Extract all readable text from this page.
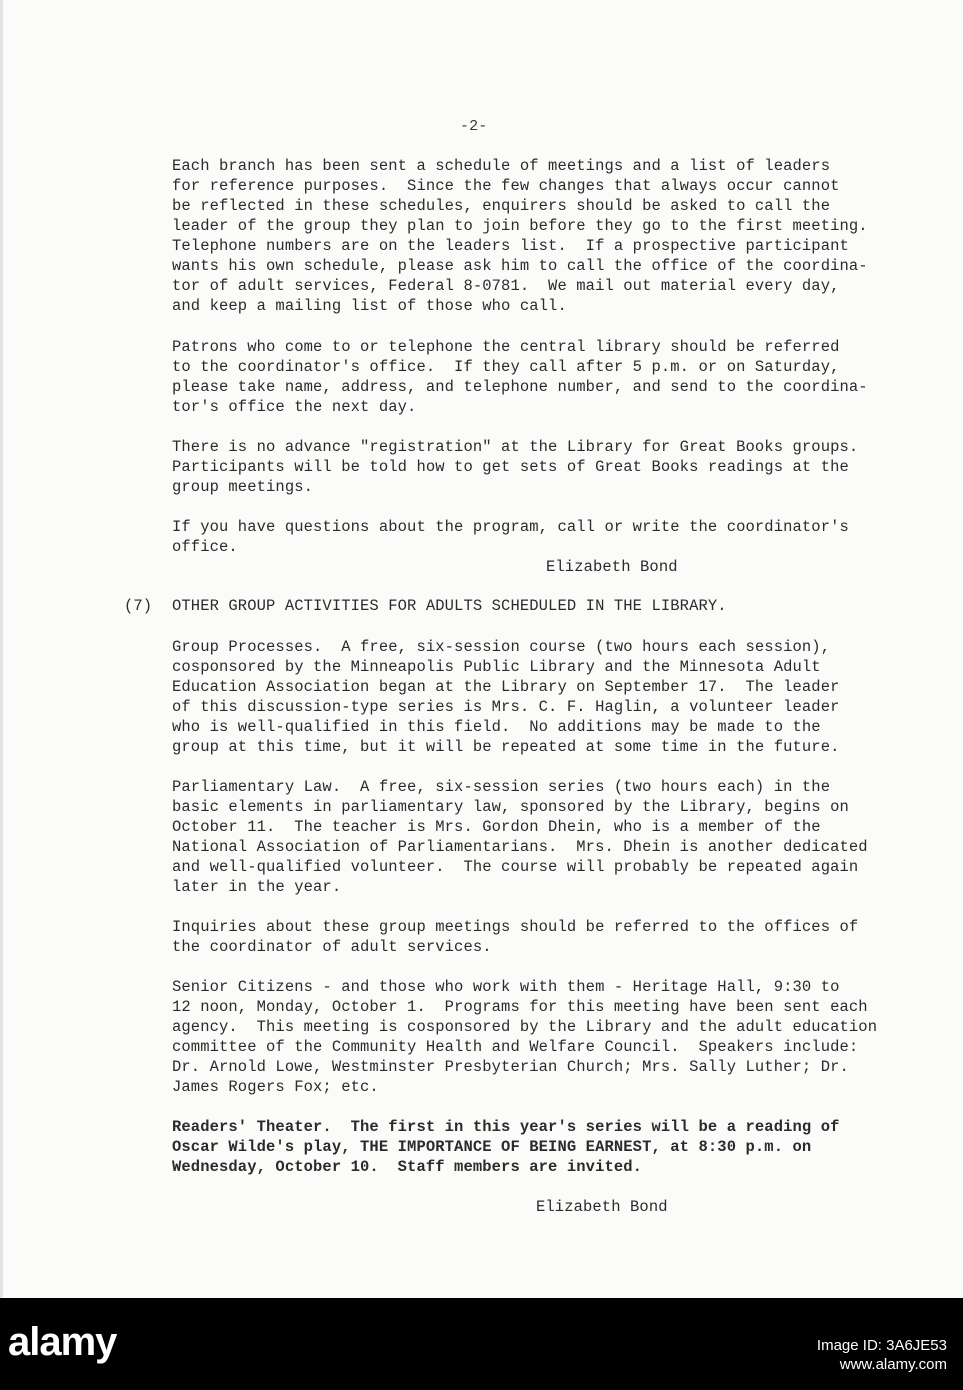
-2-
Each branch has been sent a schedule of meetings and a list of leaders
for reference purposes.  Since the few changes that always occur cannot
be reflected in these schedules, enquirers should be asked to call the
leader of the group they plan to join before they go to the first meeting.
Telephone numbers are on the leaders list.  If a prospective participant
wants his own schedule, please ask him to call the office of the coordina-
tor of adult services, Federal 8-0781.  We mail out material every day,
and keep a mailing list of those who call.
Patrons who come to or telephone the central library should be referred
to the coordinator's office.  If they call after 5 p.m. or on Saturday,
please take name, address, and telephone number, and send to the coordina-
tor's office the next day.
There is no advance "registration" at the Library for Great Books groups.
Participants will be told how to get sets of Great Books readings at the
group meetings.
If you have questions about the program, call or write the coordinator's
office.
Elizabeth Bond
(7) OTHER GROUP ACTIVITIES FOR ADULTS SCHEDULED IN THE LIBRARY.
Group Processes.  A free, six-session course (two hours each session),
cosponsored by the Minneapolis Public Library and the Minnesota Adult
Education Association began at the Library on September 17.  The leader
of this discussion-type series is Mrs. C. F. Haglin, a volunteer leader
who is well-qualified in this field.  No additions may be made to the
group at this time, but it will be repeated at some time in the future.
Parliamentary Law.  A free, six-session series (two hours each) in the
basic elements in parliamentary law, sponsored by the Library, begins on
October 11.  The teacher is Mrs. Gordon Dhein, who is a member of the
National Association of Parliamentarians.  Mrs. Dhein is another dedicated
and well-qualified volunteer.  The course will probably be repeated again
later in the year.
Inquiries about these group meetings should be referred to the offices of
the coordinator of adult services.
Senior Citizens - and those who work with them - Heritage Hall, 9:30 to
12 noon, Monday, October 1.  Programs for this meeting have been sent each
agency.  This meeting is cosponsored by the Library and the adult education
committee of the Community Health and Welfare Council.  Speakers include:
Dr. Arnold Lowe, Westminster Presbyterian Church; Mrs. Sally Luther; Dr.
James Rogers Fox; etc.
Readers' Theater.  The first in this year's series will be a reading of
Oscar Wilde's play, THE IMPORTANCE OF BEING EARNEST, at 8:30 p.m. on
Wednesday, October 10.  Staff members are invited.
Elizabeth Bond
alamy	Image ID: 3A6JE53
www.alamy.com
